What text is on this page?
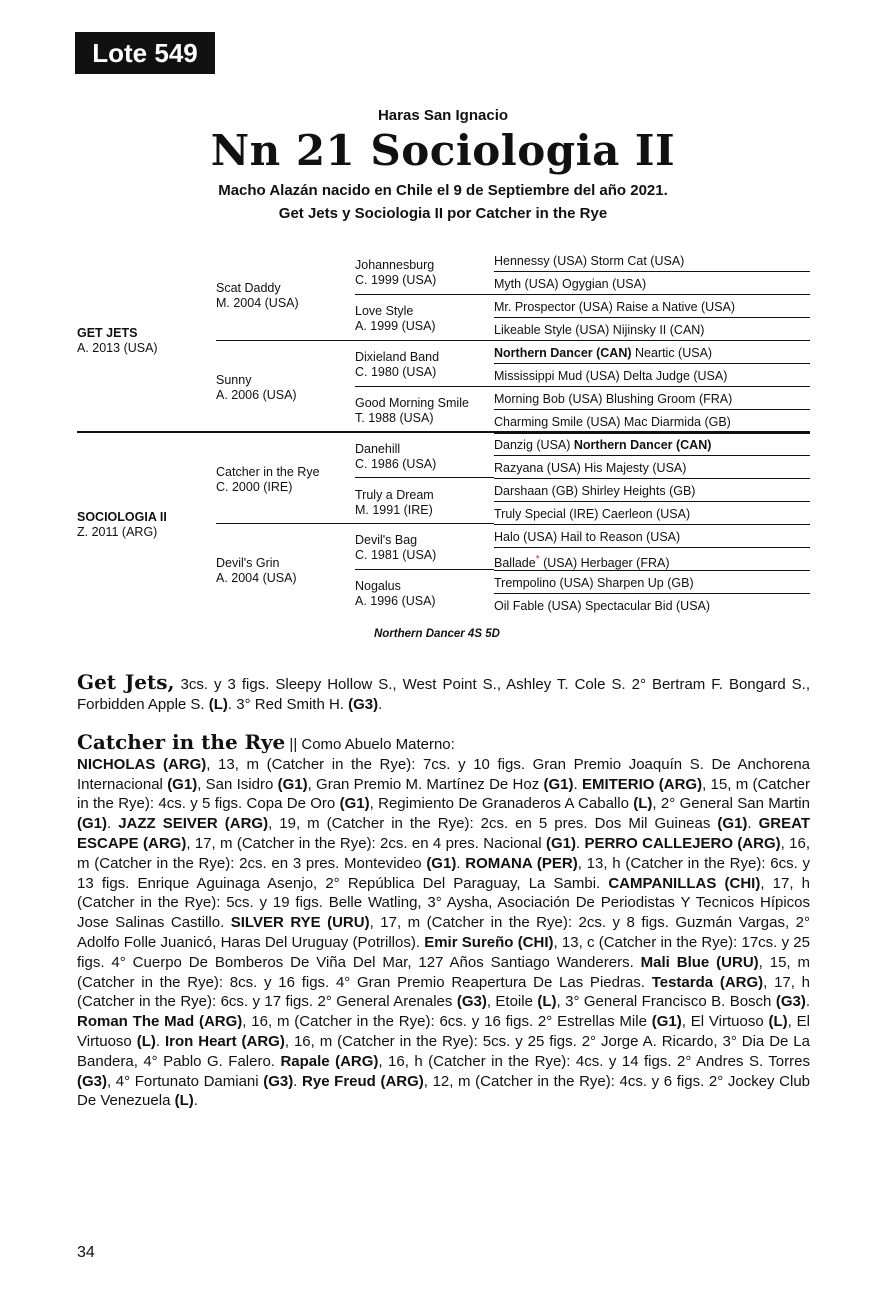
Lote 549
Haras San Ignacio
Nn 21 Sociologia II
Macho Alazán nacido en Chile el 9 de Septiembre del año 2021.
Get Jets y Sociologia II por Catcher in the Rye
GET JETS
A. 2013 (USA)
SOCIOLOGIA II
Z. 2011 (ARG)
Scat Daddy
M. 2004 (USA)
Sunny
A. 2006 (USA)
Catcher in the Rye
C. 2000 (IRE)
Devil's Grin
A. 2004 (USA)
Johannesburg
C. 1999 (USA)
Love Style
A. 1999 (USA)
Dixieland Band
C. 1980 (USA)
Good Morning Smile
T. 1988 (USA)
Danehill
C. 1986 (USA)
Truly a Dream
M. 1991 (IRE)
Devil's Bag
C. 1981 (USA)
Nogalus
A. 1996 (USA)
Hennessy (USA) Storm Cat (USA)
Myth (USA) Ogygian (USA)
Mr. Prospector (USA) Raise a Native (USA)
Likeable Style (USA) Nijinsky II (CAN)
Northern Dancer (CAN) Neartic (USA)
Mississippi Mud (USA) Delta Judge (USA)
Morning Bob (USA) Blushing Groom (FRA)
Charming Smile (USA) Mac Diarmida (GB)
Danzig (USA) Northern Dancer (CAN)
Razyana (USA) His Majesty (USA)
Darshaan (GB) Shirley Heights (GB)
Truly Special (IRE) Caerleon (USA)
Halo (USA) Hail to Reason (USA)
Ballade* (USA) Herbager (FRA)
Trempolino (USA) Sharpen Up (GB)
Oil Fable (USA) Spectacular Bid (USA)
Northern Dancer 4S 5D
Get Jets, 3cs. y 3 figs. Sleepy Hollow S., West Point S., Ashley T. Cole S. 2° Bertram F. Bongard S., Forbidden Apple S. (L). 3° Red Smith H. (G3).
Catcher in the Rye || Como Abuelo Materno:
NICHOLAS (ARG), 13, m (Catcher in the Rye): 7cs. y 10 figs. Gran Premio Joaquín S. De Anchorena Internacional (G1), San Isidro (G1), Gran Premio M. Martínez De Hoz (G1). EMITERIO (ARG), 15, m (Catcher in the Rye): 4cs. y 5 figs. Copa De Oro (G1), Regimiento De Granaderos A Caballo (L), 2° General San Martin (G1). JAZZ SEIVER (ARG), 19, m (Catcher in the Rye): 2cs. en 5 pres. Dos Mil Guineas (G1). GREAT ESCAPE (ARG), 17, m (Catcher in the Rye): 2cs. en 4 pres. Nacional (G1). PERRO CALLEJERO (ARG), 16, m (Catcher in the Rye): 2cs. en 3 pres. Montevideo (G1). ROMANA (PER), 13, h (Catcher in the Rye): 6cs. y 13 figs. Enrique Aguinaga Asenjo, 2° República Del Paraguay, La Sambi. CAMPANILLAS (CHI), 17, h (Catcher in the Rye): 5cs. y 19 figs. Belle Watling, 3° Aysha, Asociación De Periodistas Y Tecnicos Hípicos Jose Salinas Castillo. SILVER RYE (URU), 17, m (Catcher in the Rye): 2cs. y 8 figs. Guzmán Vargas, 2° Adolfo Folle Juanicó, Haras Del Uruguay (Potrillos). Emir Sureño (CHI), 13, c (Catcher in the Rye): 17cs. y 25 figs. 4° Cuerpo De Bomberos De Viña Del Mar, 127 Años Santiago Wanderers. Mali Blue (URU), 15, m (Catcher in the Rye): 8cs. y 16 figs. 4° Gran Premio Reapertura De Las Piedras. Testarda (ARG), 17, h (Catcher in the Rye): 6cs. y 17 figs. 2° General Arenales (G3), Etoile (L), 3° General Francisco B. Bosch (G3). Roman The Mad (ARG), 16, m (Catcher in the Rye): 6cs. y 16 figs. 2° Estrellas Mile (G1), El Virtuoso (L), El Virtuoso (L). Iron Heart (ARG), 16, m (Catcher in the Rye): 5cs. y 25 figs. 2° Jorge A. Ricardo, 3° Dia De La Bandera, 4° Pablo G. Falero. Rapale (ARG), 16, h (Catcher in the Rye): 4cs. y 14 figs. 2° Andres S. Torres (G3), 4° Fortunato Damiani (G3). Rye Freud (ARG), 12, m (Catcher in the Rye): 4cs. y 6 figs. 2° Jockey Club De Venezuela (L).
34
